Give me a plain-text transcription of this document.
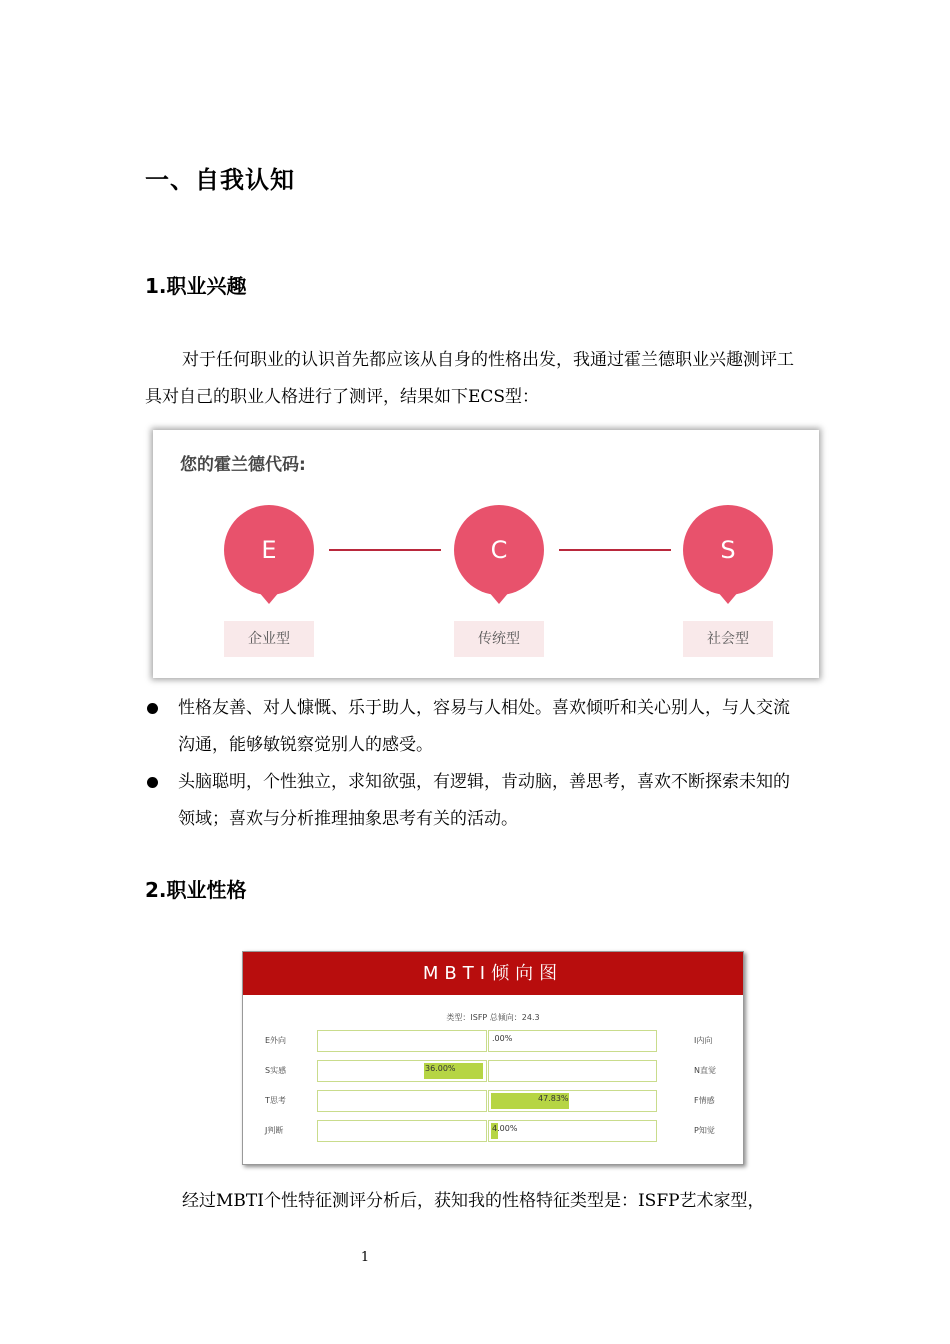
一、自我认知
1.职业兴趣
对于任何职业的认识首先都应该从自身的性格出发，我通过霍兰德职业兴趣测评工具对自己的职业人格进行了测评，结果如下ECS型：
您的霍兰德代码:
E	C	S
企业型	传统型	社会型
性格友善、对人慷慨、乐于助人，容易与人相处。喜欢倾听和关心别人，与人交流沟通，能够敏锐察觉别人的感受。
头脑聪明，个性独立，求知欲强，有逻辑，肯动脑，善思考，喜欢不断探索未知的领域；喜欢与分析推理抽象思考有关的活动。
2.职业性格
MBTI倾向图
类型：ISFP 总倾向：24.3
E外向	.00%	I内向
S实感	36.00%	N直觉
T思考	47.83%	F情感
J判断	4.00%	P知觉
经过MBTI个性特征测评分析后，获知我的性格特征类型是：ISFP艺术家型，
1
